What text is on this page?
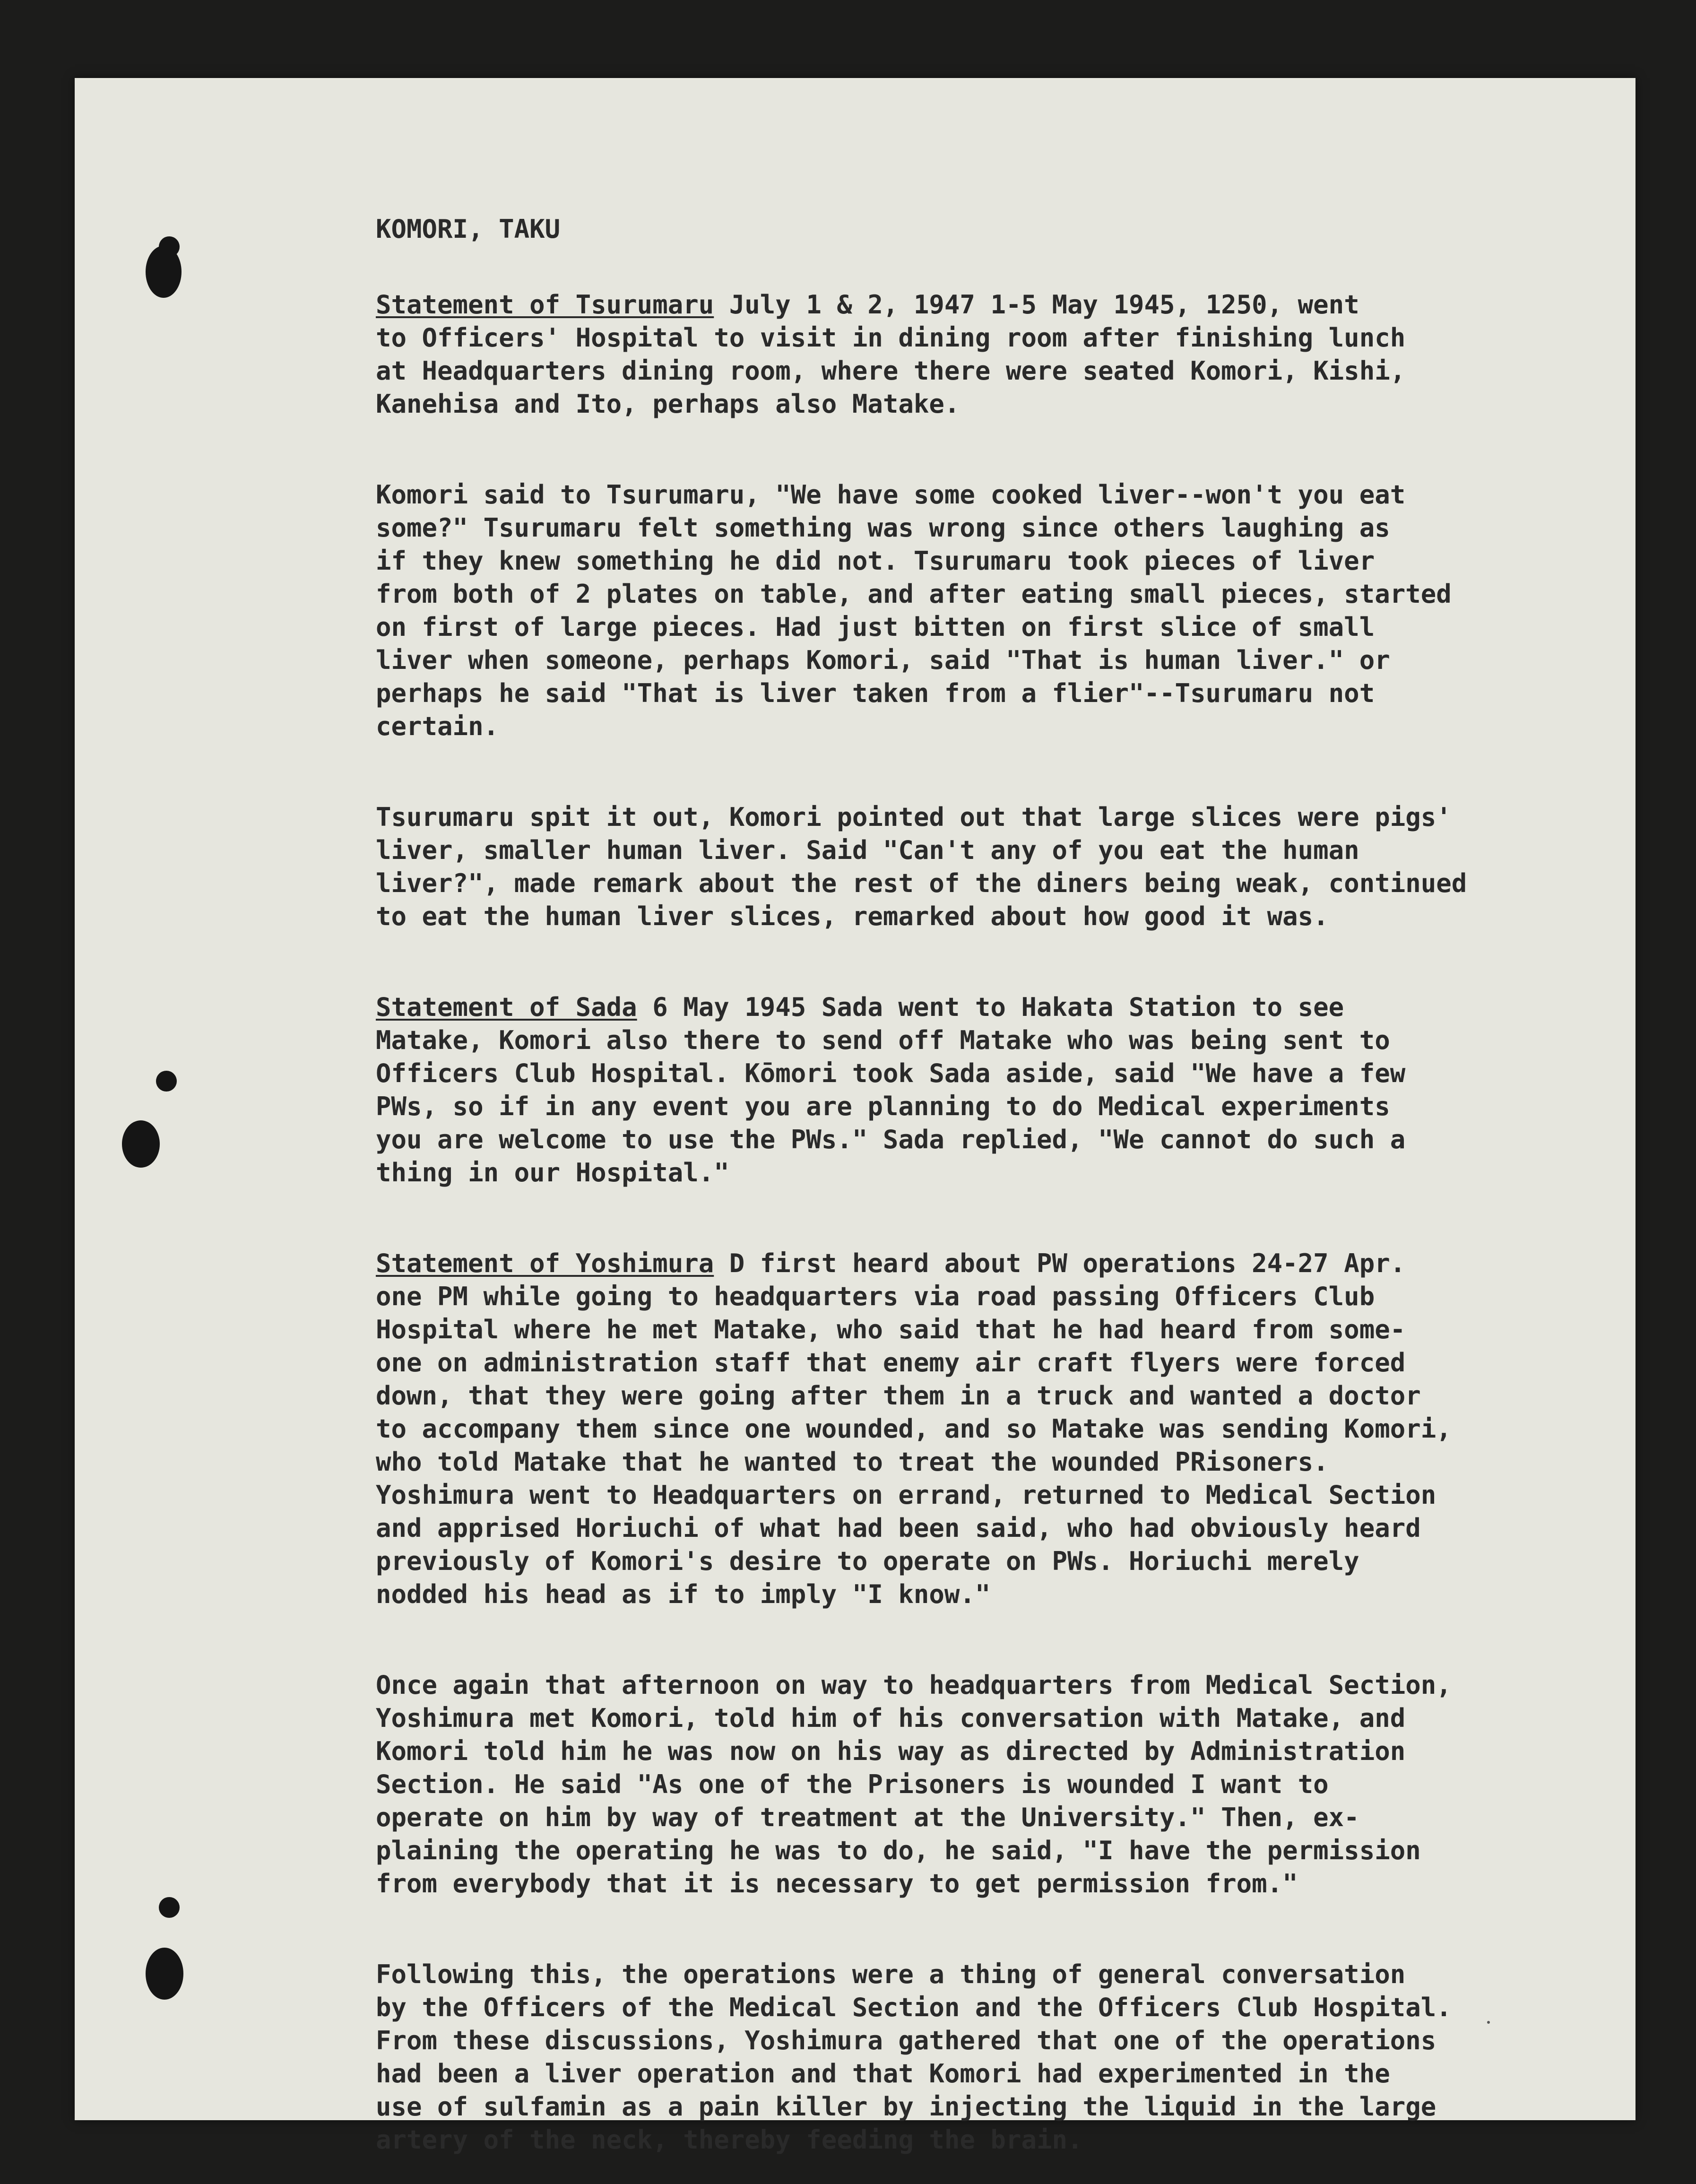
KOMORI, TAKU
Statement of Tsurumaru July 1 & 2, 1947 1-5 May 1945, 1250, went
to Officers' Hospital to visit in dining room after finishing lunch
at Headquarters dining room, where there were seated Komori, Kishi,
Kanehisa and Ito, perhaps also Matake.
Komori said to Tsurumaru, "We have some cooked liver--won't you eat
some?" Tsurumaru felt something was wrong since others laughing as
if they knew something he did not. Tsurumaru took pieces of liver
from both of 2 plates on table, and after eating small pieces, started
on first of large pieces. Had just bitten on first slice of small
liver when someone, perhaps Komori, said "That is human liver." or
perhaps he said "That is liver taken from a flier"--Tsurumaru not
certain.
Tsurumaru spit it out, Komori pointed out that large slices were pigs'
liver, smaller human liver. Said "Can't any of you eat the human
liver?", made remark about the rest of the diners being weak, continued
to eat the human liver slices, remarked about how good it was.
Statement of Sada 6 May 1945 Sada went to Hakata Station to see
Matake, Komori also there to send off Matake who was being sent to
Officers Club Hospital. Kōmori took Sada aside, said "We have a few
PWs, so if in any event you are planning to do Medical experiments
you are welcome to use the PWs." Sada replied, "We cannot do such a
thing in our Hospital."
Statement of Yoshimura D first heard about PW operations 24-27 Apr.
one PM while going to headquarters via road passing Officers Club
Hospital where he met Matake, who said that he had heard from some-
one on administration staff that enemy air craft flyers were forced
down, that they were going after them in a truck and wanted a doctor
to accompany them since one wounded, and so Matake was sending Komori,
who told Matake that he wanted to treat the wounded PRisoners.
Yoshimura went to Headquarters on errand, returned to Medical Section
and apprised Horiuchi of what had been said, who had obviously heard
previously of Komori's desire to operate on PWs. Horiuchi merely
nodded his head as if to imply "I know."
Once again that afternoon on way to headquarters from Medical Section,
Yoshimura met Komori, told him of his conversation with Matake, and
Komori told him he was now on his way as directed by Administration
Section. He said "As one of the Prisoners is wounded I want to
operate on him by way of treatment at the University." Then, ex-
plaining the operating he was to do, he said, "I have the permission
from everybody that it is necessary to get permission from."
Following this, the operations were a thing of general conversation
by the Officers of the Medical Section and the Officers Club Hospital.
From these discussions, Yoshimura gathered that one of the operations
had been a liver operation and that Komori had experimented in the
use of sulfamin as a pain killer by injecting the liquid in the large
artery of the neck, thereby feeding the brain.
